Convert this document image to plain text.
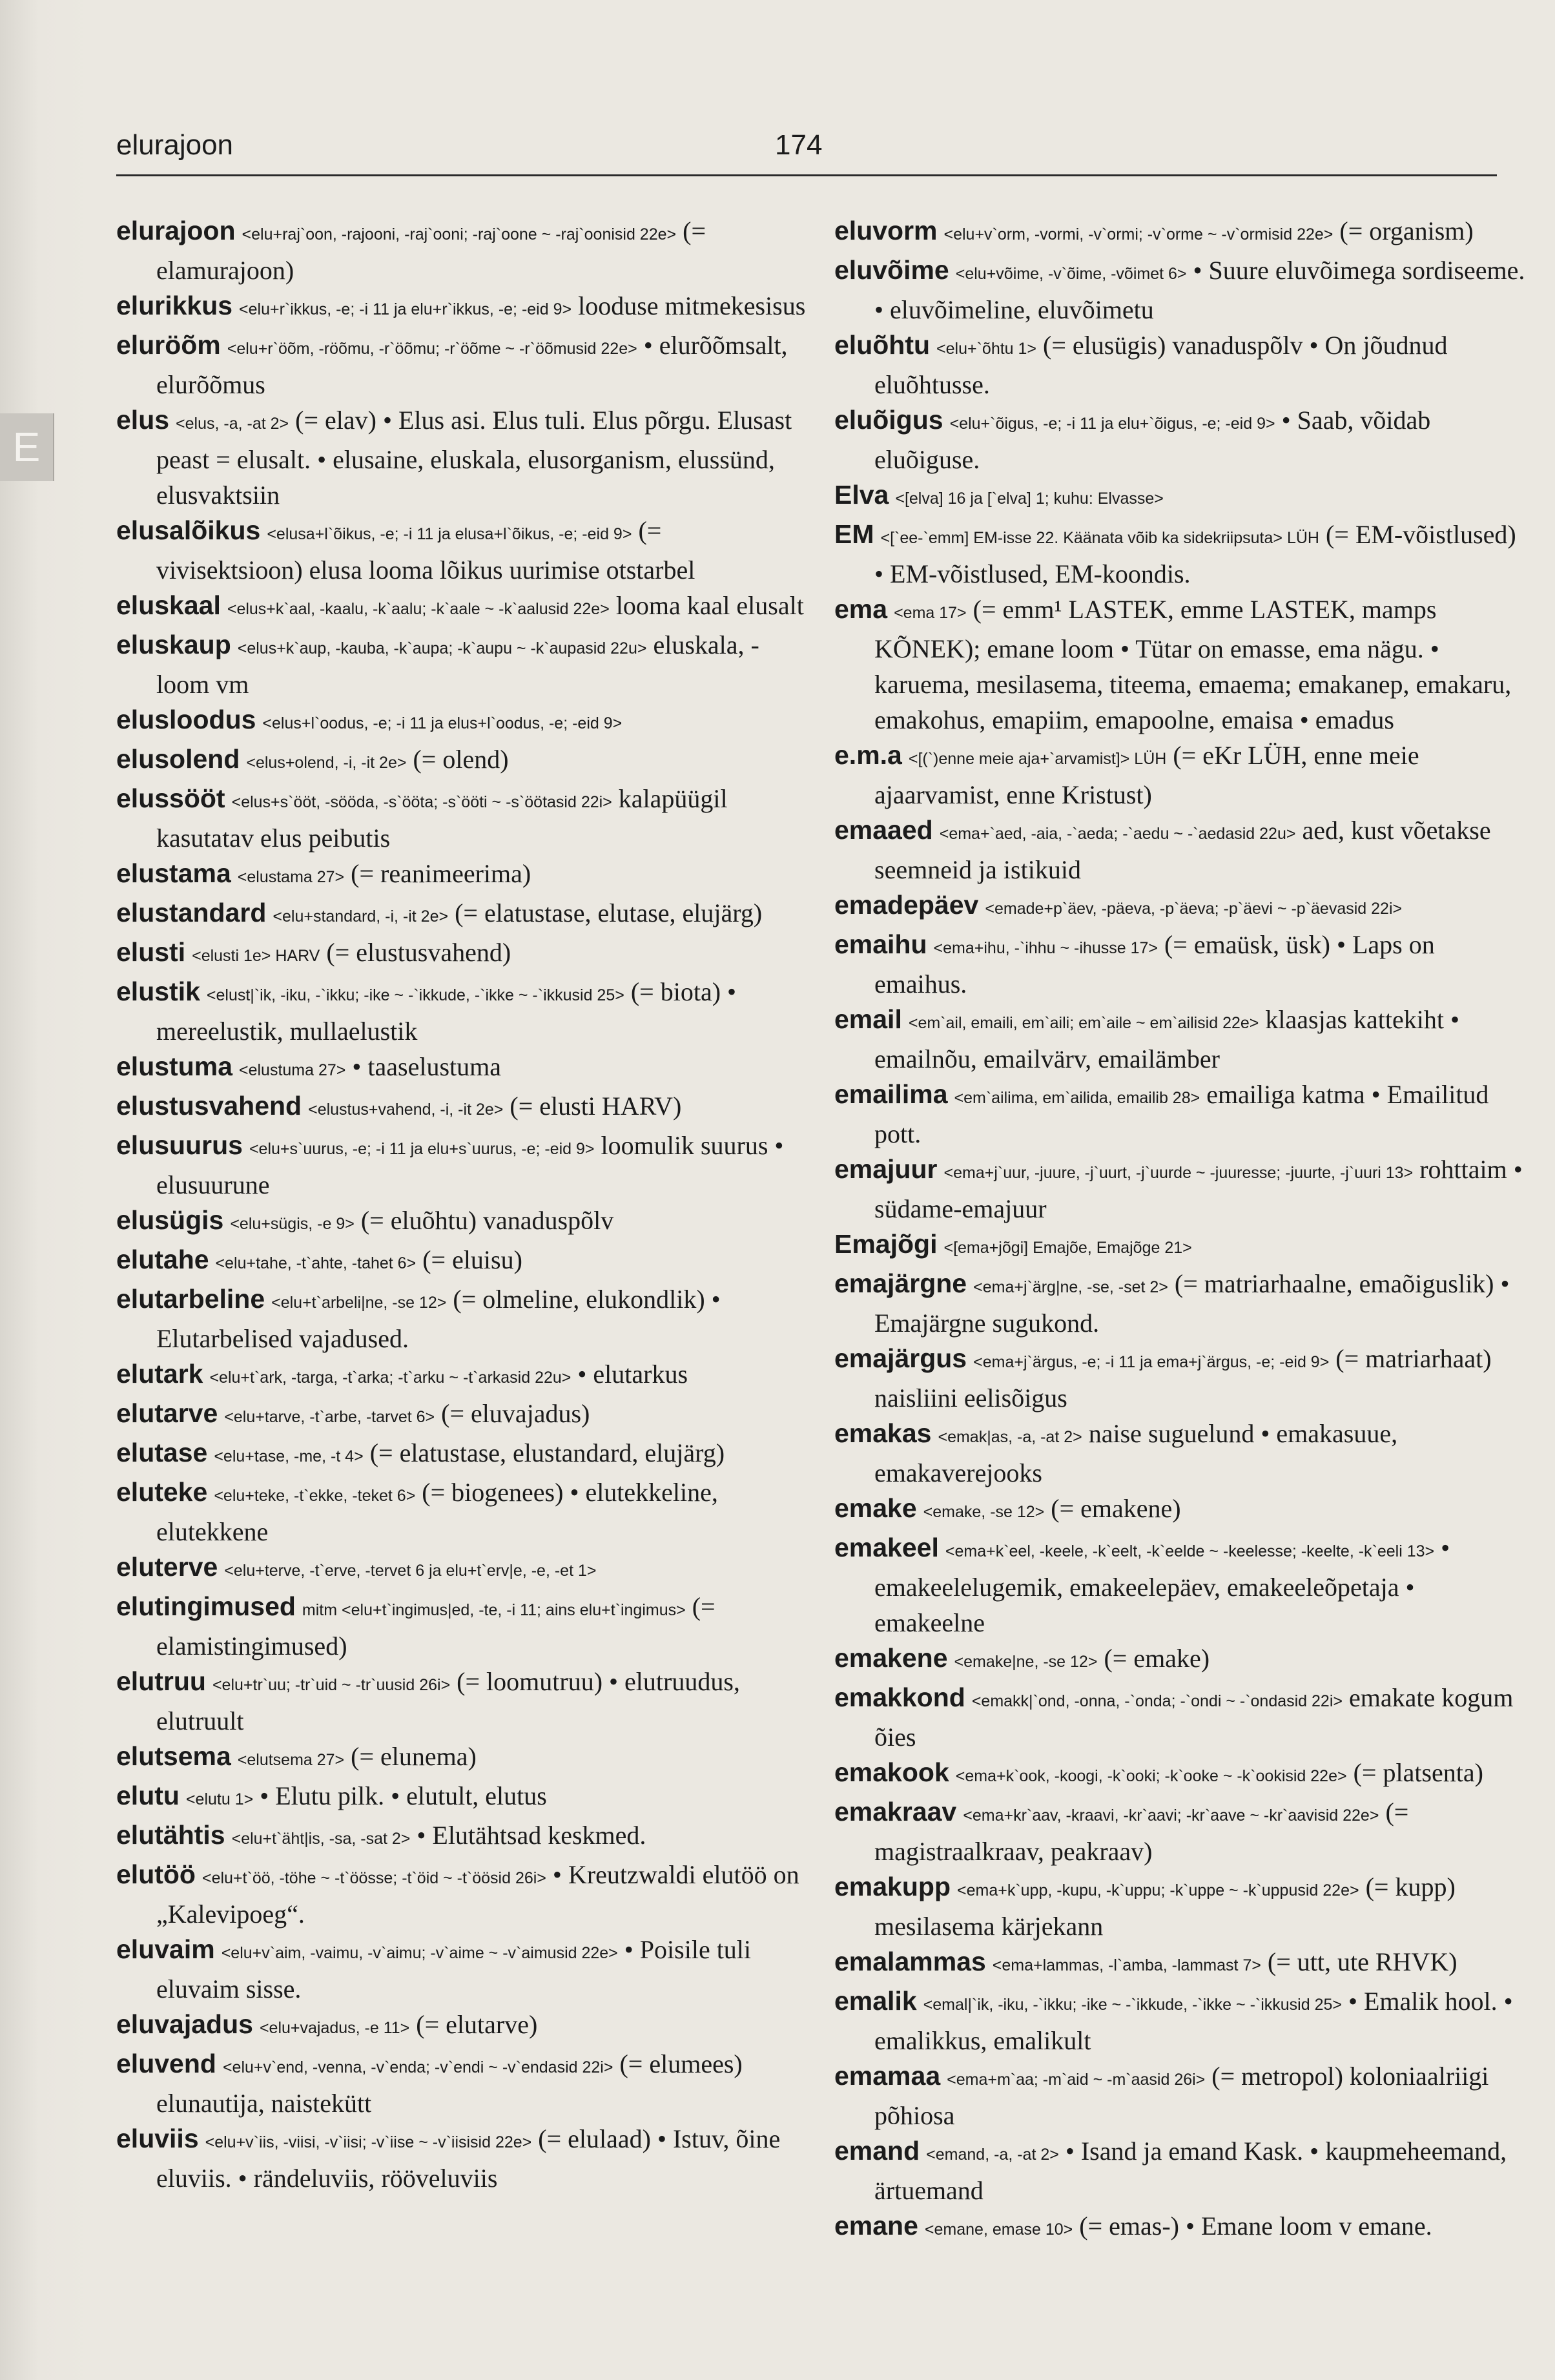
elurajoon	174
E

elurajoon <elu+raj`oon, -rajooni, -raj`ooni; -raj`oone ~ -raj`oonisid 22e> (= elamurajoon)

elurikkus <elu+r`ikkus, -e; -i 11 ja elu+r`ikkus, -e; -eid 9> looduse mitmekesisus

eluröõm <elu+r`öõm, -röõmu, -r`öõmu; -r`öõme ~ -r`öõmusid 22e> • elurõõmsalt, elurõõmus

elus <elus, -a, -at 2> (= elav) • Elus asi. Elus tuli. Elus põrgu. Elusast peast = elusalt. • elusaine, eluskala, elusorganism, elussünd, elusvaktsiin

elusalõikus <elusa+l`õikus, -e; -i 11 ja elusa+l`õikus, -e; -eid 9> (= vivisektsioon) elusa looma lõikus uurimise otstarbel

eluskaal <elus+k`aal, -kaalu, -k`aalu; -k`aale ~ -k`aalusid 22e> looma kaal elusalt

eluskaup <elus+k`aup, -kauba, -k`aupa; -k`aupu ~ -k`aupasid 22u> eluskala, -loom vm

elusloodus <elus+l`oodus, -e; -i 11 ja elus+l`oodus, -e; -eid 9>

elusolend <elus+olend, -i, -it 2e> (= olend)

elussööt <elus+s`ööt, -sööda, -s`ööta; -s`ööti ~ -s`öötasid 22i> kalapüügil kasutatav elus peibutis

elustama <elustama 27> (= reanimeerima)

elustandard <elu+standard, -i, -it 2e> (= elatustase, elutase, elujärg)

elusti <elusti 1e> HARV (= elustusvahend)

elustik <elust|`ik, -iku, -`ikku; -ike ~ -`ikkude, -`ikke ~ -`ikkusid 25> (= biota) • mereelustik, mullaelustik

elustuma <elustuma 27> • taaselustuma

elustusvahend <elustus+vahend, -i, -it 2e> (= elusti HARV)

elusuurus <elu+s`uurus, -e; -i 11 ja elu+s`uurus, -e; -eid 9> loomulik suurus • elusuurune

elusügis <elu+sügis, -e 9> (= eluõhtu) vanaduspõlv

elutahe <elu+tahe, -t`ahte, -tahet 6> (= eluisu)

elutarbeline <elu+t`arbeli|ne, -se 12> (= olmeline, elukondlik) • Elutarbelised vajadused.

elutark <elu+t`ark, -targa, -t`arka; -t`arku ~ -t`arkasid 22u> • elutarkus

elutarve <elu+tarve, -t`arbe, -tarvet 6> (= eluvajadus)

elutase <elu+tase, -me, -t 4> (= elatustase, elustandard, elujärg)

eluteke <elu+teke, -t`ekke, -teket 6> (= biogenees) • elutekkeline, elutekkene

eluterve <elu+terve, -t`erve, -tervet 6 ja elu+t`erv|e, -e, -et 1>

elutingimused mitm <elu+t`ingimus|ed, -te, -i 11; ains elu+t`ingimus> (= elamistingimused)

elutruu <elu+tr`uu; -tr`uid ~ -tr`uusid 26i> (= loomutruu) • elutruudus, elutruult

elutsema <elutsema 27> (= elunema)

elutu <elutu 1> • Elutu pilk. • elutult, elutus

elutähtis <elu+t`äht|is, -sa, -sat 2> • Elutähtsad keskmed.

elutöö <elu+t`öö, -töhe ~ -t`öösse; -t`öid ~ -t`öösid 26i> • Kreutzwaldi elutöö on „Kalevipoeg“.

eluvaim <elu+v`aim, -vaimu, -v`aimu; -v`aime ~ -v`aimusid 22e> • Poisile tuli eluvaim sisse.

eluvajadus <elu+vajadus, -e 11> (= elutarve)

eluvend <elu+v`end, -venna, -v`enda; -v`endi ~ -v`endasid 22i> (= elumees) elunautija, naistekütt

eluviis <elu+v`iis, -viisi, -v`iisi; -v`iise ~ -v`iisisid 22e> (= elulaad) • Istuv, õine eluviis. • rändeluviis, rööveluviis

eluvorm <elu+v`orm, -vormi, -v`ormi; -v`orme ~ -v`ormisid 22e> (= organism)

eluvõime <elu+võime, -v`õime, -võimet 6> • Suure eluvõimega sordiseeme. • eluvõimeline, eluvõimetu

eluõhtu <elu+`õhtu 1> (= elusügis) vanaduspõlv • On jõudnud eluõhtusse.

eluõigus <elu+`õigus, -e; -i 11 ja elu+`õigus, -e; -eid 9> • Saab, võidab eluõiguse.

Elva <[elva] 16 ja [`elva] 1; kuhu: Elvasse>

EM <[`ee-`emm] EM-isse 22. Käänata võib ka sidekriipsuta> LÜH (= EM-võistlused) • EM-võistlused, EM-koondis.

ema <ema 17> (= emm¹ LASTEK, emme LASTEK, mamps KÕNEK); emane loom • Tütar on emasse, ema nägu. • karuema, mesilasema, titeema, emaema; emakanep, emakaru, emakohus, emapiim, emapoolne, emaisa • emadus

e.m.a <[(`)enne meie aja+`arvamist]> LÜH (= eKr LÜH, enne meie ajaarvamist, enne Kristust)

emaaed <ema+`aed, -aia, -`aeda; -`aedu ~ -`aedasid 22u> aed, kust võetakse seemneid ja istikuid

emadepäev <emade+p`äev, -päeva, -p`äeva; -p`äevi ~ -p`äevasid 22i>

emaihu <ema+ihu, -`ihhu ~ -ihusse 17> (= emaüsk, üsk) • Laps on emaihus.

email <em`ail, emaili, em`aili; em`aile ~ em`ailisid 22e> klaasjas kattekiht • emailnõu, emailvärv, emailämber

emailima <em`ailima, em`ailida, emailib 28> emailiga katma • Emailitud pott.

emajuur <ema+j`uur, -juure, -j`uurt, -j`uurde ~ -juuresse; -juurte, -j`uuri 13> rohttaim • südame-emajuur

Emajõgi <[ema+jõgi] Emajõe, Emajõge 21>

emajärgne <ema+j`ärg|ne, -se, -set 2> (= matriarhaalne, emaõiguslik) • Emajärgne sugukond.

emajärgus <ema+j`ärgus, -e; -i 11 ja ema+j`ärgus, -e; -eid 9> (= matriarhaat) naisliini eelisõigus

emakas <emak|as, -a, -at 2> naise suguelund • emakasuue, emakaverejooks

emake <emake, -se 12> (= emakene)

emakeel <ema+k`eel, -keele, -k`eelt, -k`eelde ~ -keelesse; -keelte, -k`eeli 13> • emakeelelugemik, emakeelepäev, emakeeleõpetaja • emakeelne

emakene <emake|ne, -se 12> (= emake)

emakkond <emakk|`ond, -onna, -`onda; -`ondi ~ -`ondasid 22i> emakate kogum õies

emakook <ema+k`ook, -koogi, -k`ooki; -k`ooke ~ -k`ookisid 22e> (= platsenta)

emakraav <ema+kr`aav, -kraavi, -kr`aavi; -kr`aave ~ -kr`aavisid 22e> (= magistraalkraav, peakraav)

emakupp <ema+k`upp, -kupu, -k`uppu; -k`uppe ~ -k`uppusid 22e> (= kupp) mesilasema kärjekann

emalammas <ema+lammas, -l`amba, -lammast 7> (= utt, ute RHVK)

emalik <emal|`ik, -iku, -`ikku; -ike ~ -`ikkude, -`ikke ~ -`ikkusid 25> • Emalik hool. • emalikkus, emalikult

emamaa <ema+m`aa; -m`aid ~ -m`aasid 26i> (= metropol) koloniaalriigi põhiosa

emand <emand, -a, -at 2> • Isand ja emand Kask. • kaupmeheemand, ärtuemand

emane <emane, emase 10> (= emas-) • Emane loom v emane.
